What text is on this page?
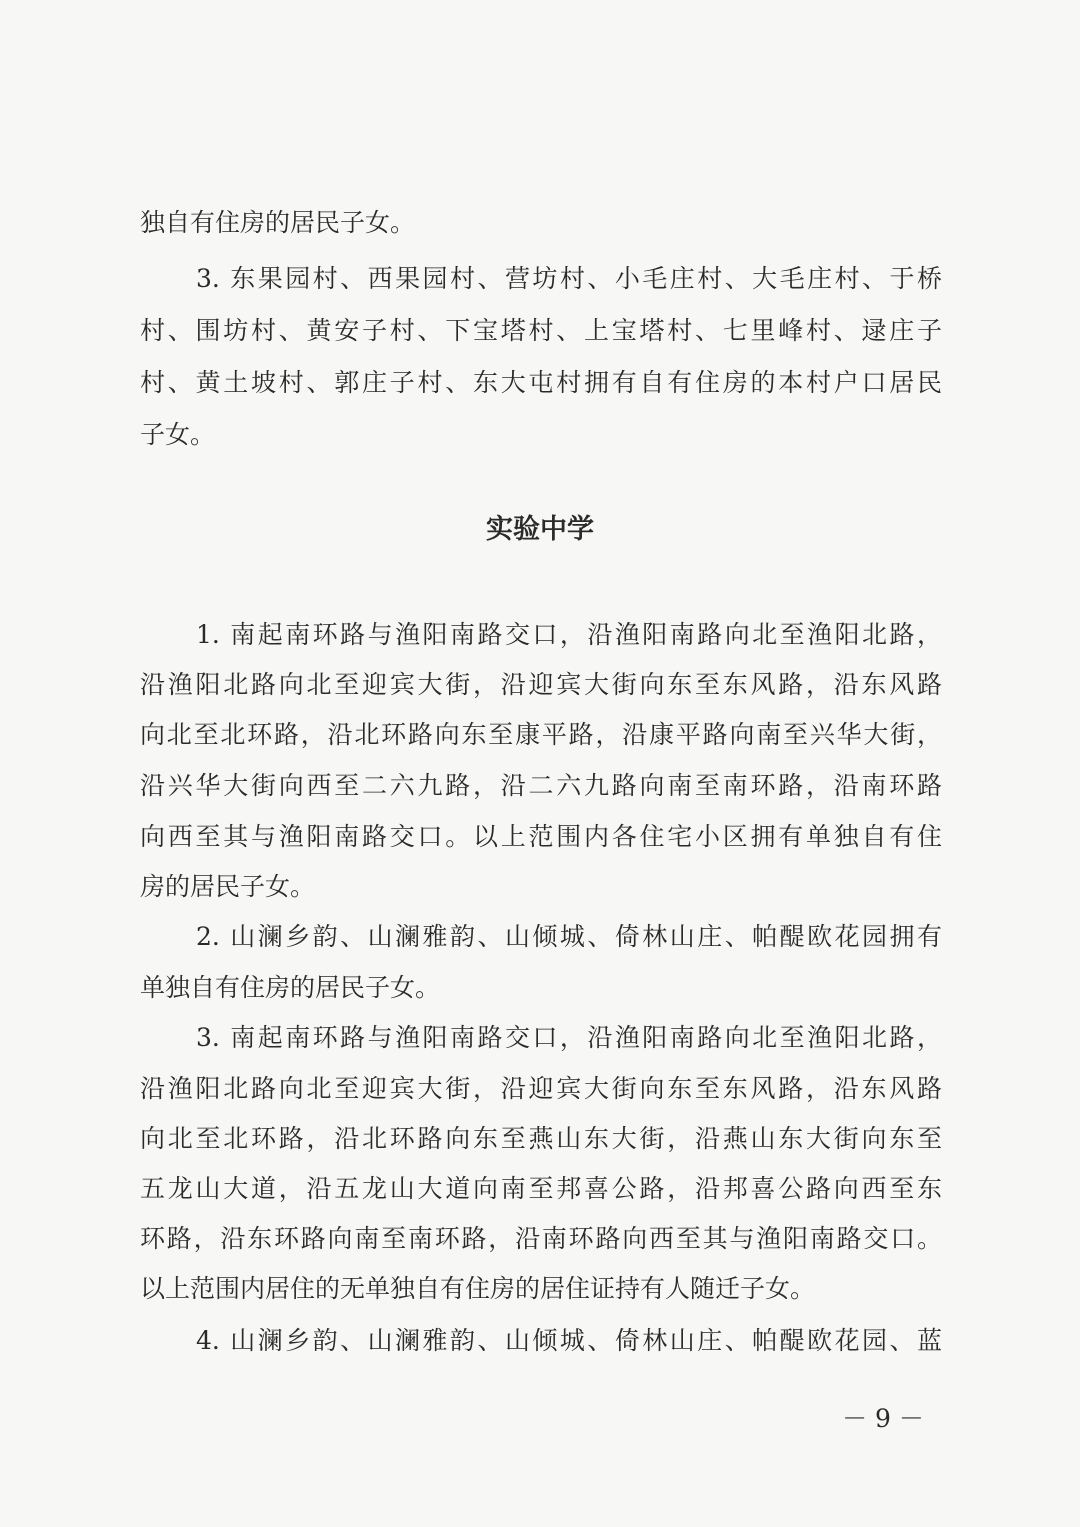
独自有住房的居民子女。
3. 东果园村、西果园村、营坊村、小毛庄村、大毛庄村、于桥
村、围坊村、黄安子村、下宝塔村、上宝塔村、七里峰村、逯庄子
村、黄土坡村、郭庄子村、东大屯村拥有自有住房的本村户口居民
子女。
实验中学
1. 南起南环路与渔阳南路交口，沿渔阳南路向北至渔阳北路，
沿渔阳北路向北至迎宾大街，沿迎宾大街向东至东风路，沿东风路
向北至北环路，沿北环路向东至康平路，沿康平路向南至兴华大街，
沿兴华大街向西至二六九路，沿二六九路向南至南环路，沿南环路
向西至其与渔阳南路交口。以上范围内各住宅小区拥有单独自有住
房的居民子女。
2. 山澜乡韵、山澜雅韵、山倾城、倚林山庄、帕醍欧花园拥有
单独自有住房的居民子女。
3. 南起南环路与渔阳南路交口，沿渔阳南路向北至渔阳北路，
沿渔阳北路向北至迎宾大街，沿迎宾大街向东至东风路，沿东风路
向北至北环路，沿北环路向东至燕山东大街，沿燕山东大街向东至
五龙山大道，沿五龙山大道向南至邦喜公路，沿邦喜公路向西至东
环路，沿东环路向南至南环路，沿南环路向西至其与渔阳南路交口。
以上范围内居住的无单独自有住房的居住证持有人随迁子女。
4. 山澜乡韵、山澜雅韵、山倾城、倚林山庄、帕醍欧花园、蓝
－ 9 －
